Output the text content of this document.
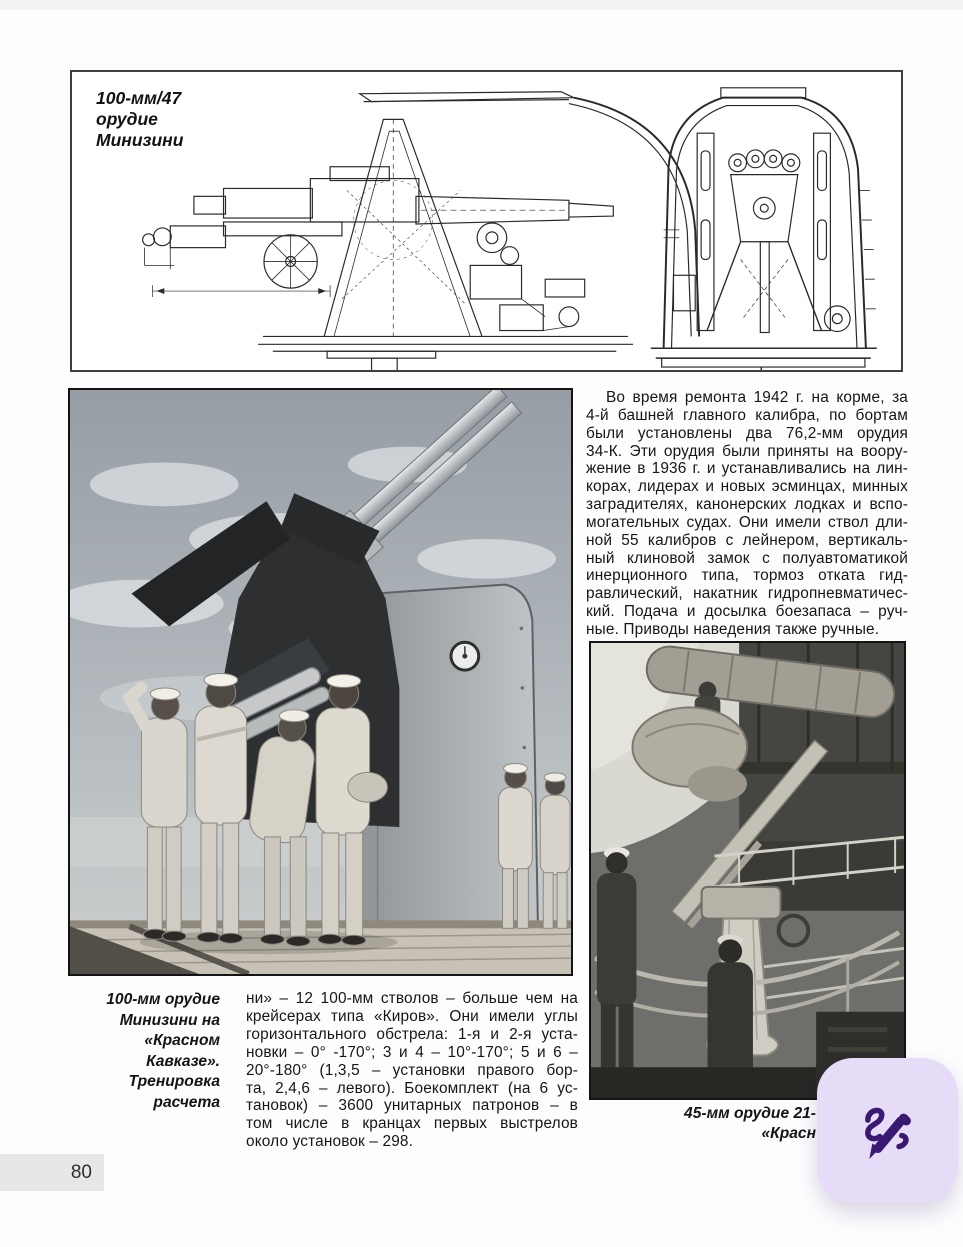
100-мм/47
орудие
Минизини
Во время ремонта 1942 г. на корме, за
4-й башней главного калибра, по бортам
были установлены два 76,2-мм орудия
34-К. Эти орудия были приняты на воору-
жение в 1936 г. и устанавливались на лин-
корах, лидерах и новых эсминцах, минных
заградителях, канонерских лодках и вспо-
могательных судах. Они имели ствол дли-
ной 55 калибров с лейнером, вертикаль-
ный клиновой замок с полуавтоматикой
инерционного типа, тормоз отката гид-
равлический, накатник гидропневматичес-
кий. Подача и досылка боезапаса – руч-
ные. Приводы наведения также ручные.
45-мм орудие 21-
«Красн
100-мм орудие
Минизини на
«Красном
Кавказе».
Тренировка
расчета
ни» – 12 100-мм стволов – больше чем на
крейсерах типа «Киров». Они имели углы
горизонтального обстрела: 1-я и 2-я уста-
новки – 0° -170°; 3 и 4 – 10°-170°; 5 и 6 –
20°-180° (1,3,5 – установки правого бор-
та, 2,4,6 – левого). Боекомплект (на 6 ус-
тановок) – 3600 унитарных патронов – в
том числе в кранцах первых выстрелов
около установок – 298.
80
